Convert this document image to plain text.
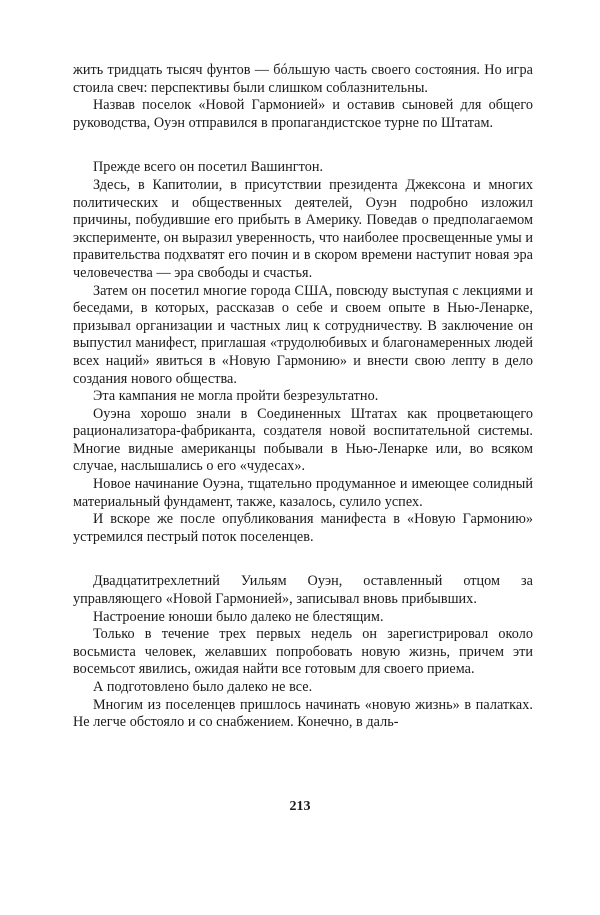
жить тридцать тысяч фунтов — бóльшую часть своего состояния. Но игра стоила свеч: перспективы были слишком соблазнительны.

Назвав поселок «Новой Гармонией» и оставив сыновей для общего руководства, Оуэн отправился в пропагандистское турне по Штатам.

Прежде всего он посетил Вашингтон.

Здесь, в Капитолии, в присутствии президента Джексона и многих политических и общественных деятелей, Оуэн подробно изложил причины, побудившие его прибыть в Америку. Поведав о предполагаемом эксперименте, он выразил уверенность, что наиболее просвещенные умы и правительства подхватят его почин и в скором времени наступит новая эра человечества — эра свободы и счастья.

Затем он посетил многие города США, повсюду выступая с лекциями и беседами, в которых, рассказав о себе и своем опыте в Нью-Ленарке, призывал организации и частных лиц к сотрудничеству. В заключение он выпустил манифест, приглашая «трудолюбивых и благонамеренных людей всех наций» явиться в «Новую Гармонию» и внести свою лепту в дело создания нового общества.

Эта кампания не могла пройти безрезультатно.

Оуэна хорошо знали в Соединенных Штатах как процветающего рационализатора-фабриканта, создателя новой воспитательной системы. Многие видные американцы побывали в Нью-Ленарке или, во всяком случае, наслышались о его «чудесах».

Новое начинание Оуэна, тщательно продуманное и имеющее солидный материальный фундамент, также, казалось, сулило успех.

И вскоре же после опубликования манифеста в «Новую Гармонию» устремился пестрый поток поселенцев.

Двадцатитрехлетний Уильям Оуэн, оставленный отцом за управляющего «Новой Гармонией», записывал вновь прибывших.

Настроение юноши было далеко не блестящим.

Только в течение трех первых недель он зарегистрировал около восьмиста человек, желавших попробовать новую жизнь, причем эти восемьсот явились, ожидая найти все готовым для своего приема.

А подготовлено было далеко не все.

Многим из поселенцев пришлось начинать «новую жизнь» в палатках. Не легче обстояло и со снабжением. Конечно, в даль-

213
